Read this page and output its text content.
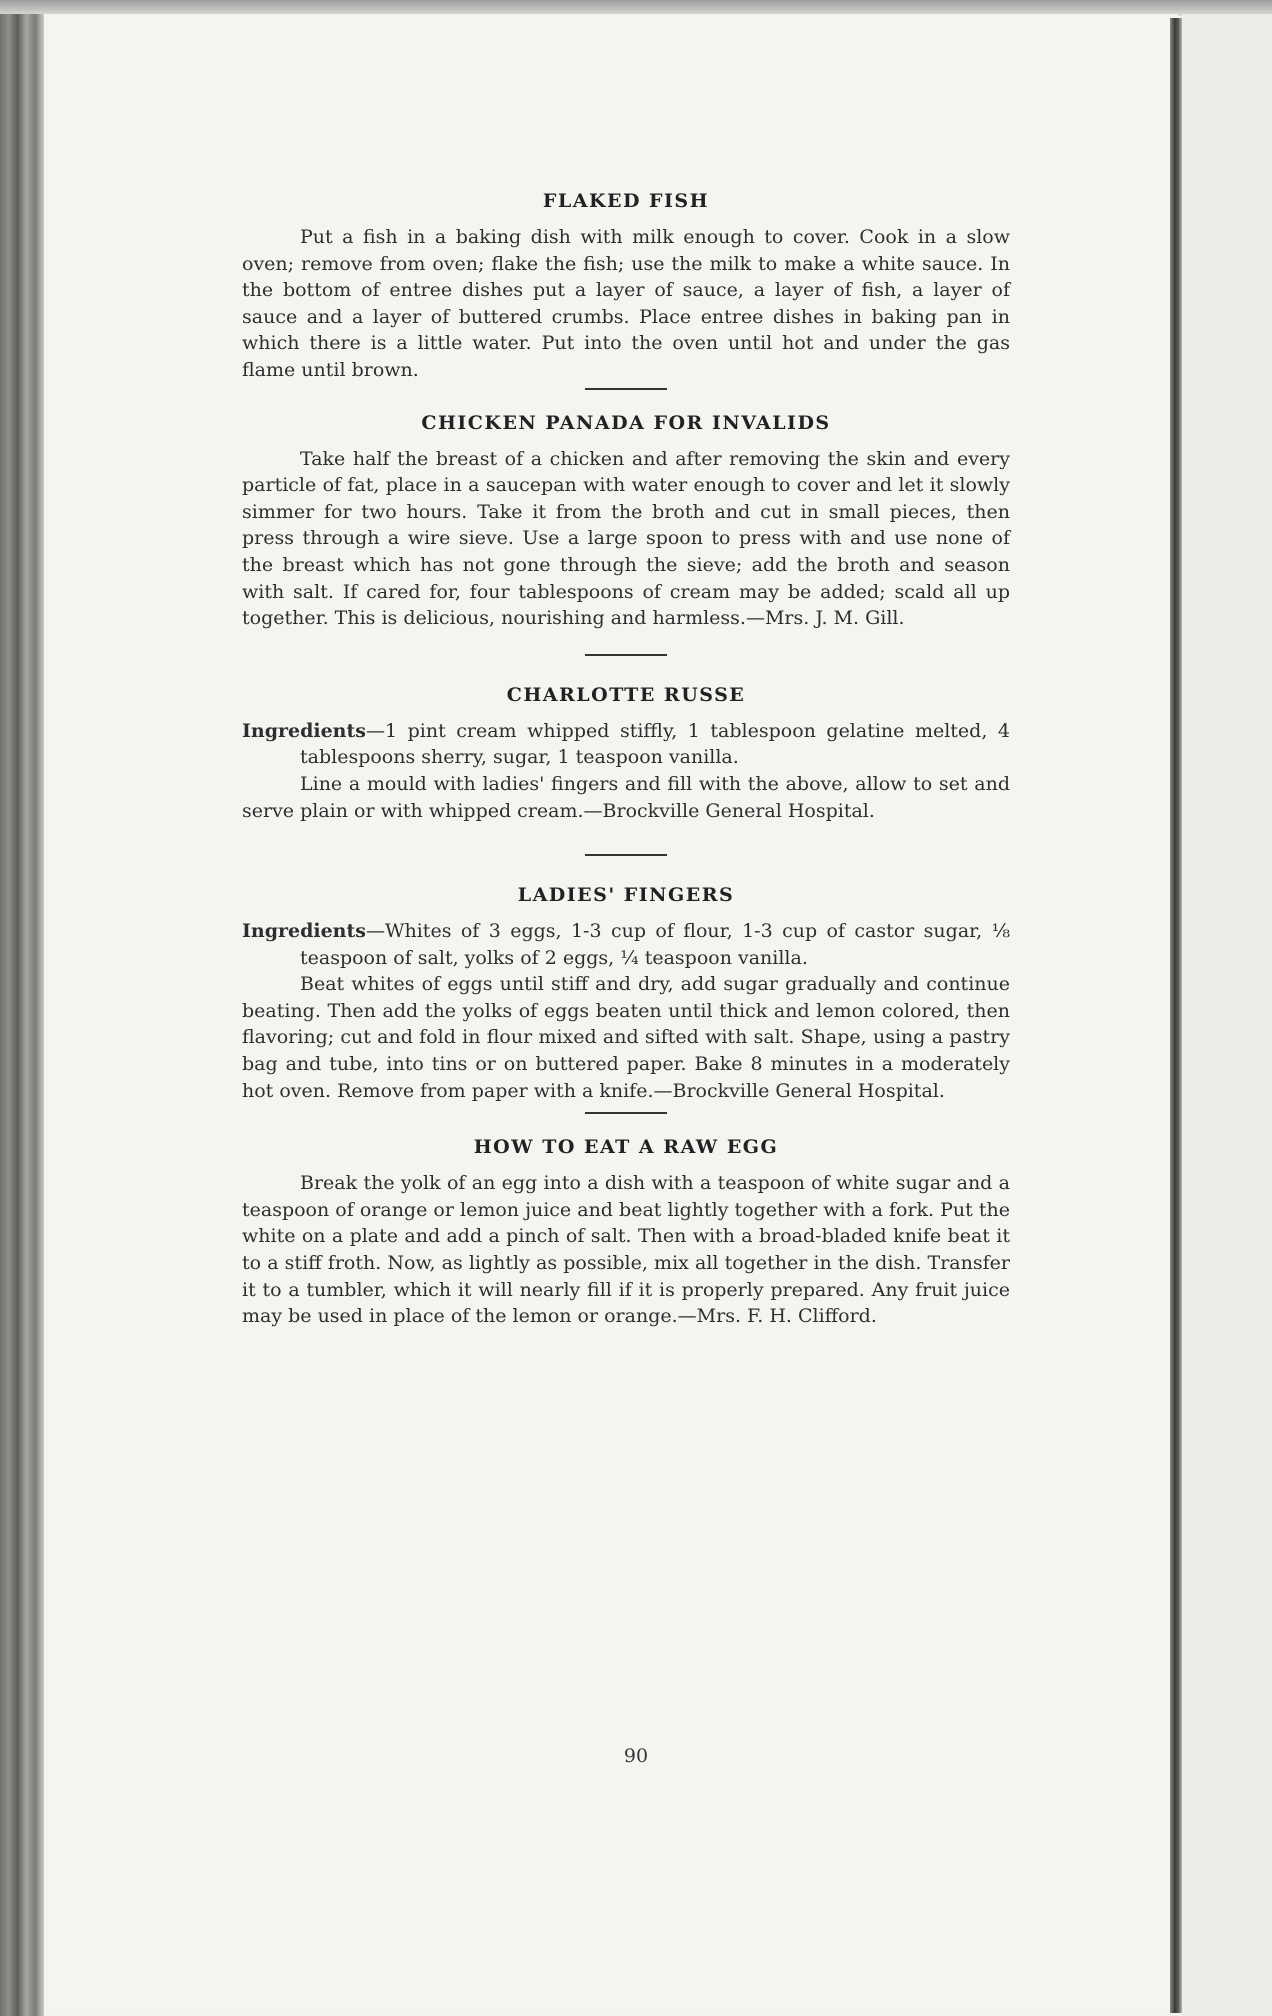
FLAKED FISH

Put a fish in a baking dish with milk enough to cover. Cook in a slow oven; remove from oven; flake the fish; use the milk to make a white sauce. In the bottom of entree dishes put a layer of sauce, a layer of fish, a layer of sauce and a layer of buttered crumbs. Place entree dishes in baking pan in which there is a little water. Put into the oven until hot and under the gas flame until brown.

CHICKEN PANADA FOR INVALIDS

Take half the breast of a chicken and after removing the skin and every particle of fat, place in a saucepan with water enough to cover and let it slowly simmer for two hours. Take it from the broth and cut in small pieces, then press through a wire sieve. Use a large spoon to press with and use none of the breast which has not gone through the sieve; add the broth and season with salt. If cared for, four tablespoons of cream may be added; scald all up together. This is delicious, nourishing and harmless.—Mrs. J. M. Gill.

CHARLOTTE RUSSE

Ingredients—1 pint cream whipped stiffly, 1 tablespoon gelatine melted, 4 tablespoons sherry, sugar, 1 teaspoon vanilla.

Line a mould with ladies' fingers and fill with the above, allow to set and serve plain or with whipped cream.—Brockville General Hospital.

LADIES' FINGERS

Ingredients—Whites of 3 eggs, 1-3 cup of flour, 1-3 cup of castor sugar, ⅛ teaspoon of salt, yolks of 2 eggs, ¼ teaspoon vanilla.

Beat whites of eggs until stiff and dry, add sugar gradually and continue beating. Then add the yolks of eggs beaten until thick and lemon colored, then flavoring; cut and fold in flour mixed and sifted with salt. Shape, using a pastry bag and tube, into tins or on buttered paper. Bake 8 minutes in a moderately hot oven. Remove from paper with a knife.—Brockville General Hospital.

HOW TO EAT A RAW EGG

Break the yolk of an egg into a dish with a teaspoon of white sugar and a teaspoon of orange or lemon juice and beat lightly together with a fork. Put the white on a plate and add a pinch of salt. Then with a broad-bladed knife beat it to a stiff froth. Now, as lightly as possible, mix all together in the dish. Transfer it to a tumbler, which it will nearly fill if it is properly prepared. Any fruit juice may be used in place of the lemon or orange.—Mrs. F. H. Clifford.

90
